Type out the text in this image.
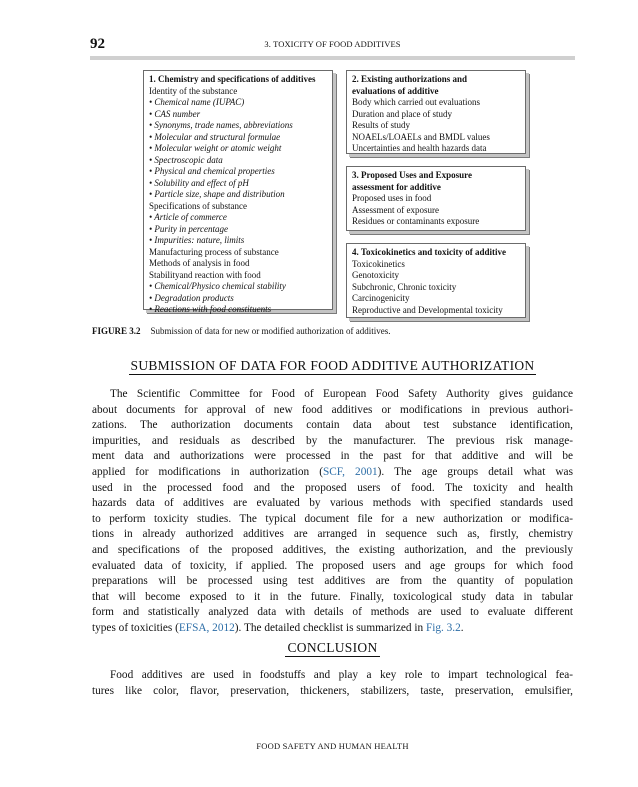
92	3. TOXICITY OF FOOD ADDITIVES
1. Chemistry and specifications of additives
Identity of the substance
• Chemical name (IUPAC)
• CAS number
• Synonyms, trade names, abbreviations
• Molecular and structural formulae
• Molecular weight or atomic weight
• Spectroscopic data
• Physical and chemical properties
• Solubility and effect of pH
• Particle size, shape and distribution
Specifications of substance
• Article of commerce
• Purity in percentage
• Impurities: nature, limits
Manufacturing process of substance
Methods of analysis in food
Stabilityand reaction with food
• Chemical/Physico chemical stability
• Degradation products
• Reactions with food constituents
2. Existing authorizations and
evaluations of additive
Body which carried out evaluations
Duration and place of study
Results of study
NOAELs/LOAELs and BMDL values
Uncertainties and health hazards data
3. Proposed Uses and Exposure
assessment for additive
Proposed uses in food
Assessment of exposure
Residues or contaminants exposure
4. Toxicokinetics and toxicity of additive
Toxicokinetics
Genotoxicity
Subchronic, Chronic toxicity
Carcinogenicity
Reproductive and Developmental toxicity
FIGURE 3.2 Submission of data for new or modified authorization of additives.
SUBMISSION OF DATA FOR FOOD ADDITIVE AUTHORIZATION
The Scientific Committee for Food of European Food Safety Authority gives guidance
about documents for approval of new food additives or modifications in previous authori-
zations. The authorization documents contain data about test substance identification,
impurities, and residuals as described by the manufacturer. The previous risk manage-
ment data and authorizations were processed in the past for that additive and will be
applied for modifications in authorization (SCF, 2001). The age groups detail what was
used in the processed food and the proposed users of food. The toxicity and health
hazards data of additives are evaluated by various methods with specified standards used
to perform toxicity studies. The typical document file for a new authorization or modifica-
tions in already authorized additives are arranged in sequence such as, firstly, chemistry
and specifications of the proposed additives, the existing authorization, and the previously
evaluated data of toxicity, if applied. The proposed users and age groups for which food
preparations will be processed using test additives are from the quantity of population
that will become exposed to it in the future. Finally, toxicological study data in tabular
form and statistically analyzed data with details of methods are used to evaluate different
types of toxicities (EFSA, 2012). The detailed checklist is summarized in Fig. 3.2.
CONCLUSION
Food additives are used in foodstuffs and play a key role to impart technological fea-
tures like color, flavor, preservation, thickeners, stabilizers, taste, preservation, emulsifier,
FOOD SAFETY AND HUMAN HEALTH
